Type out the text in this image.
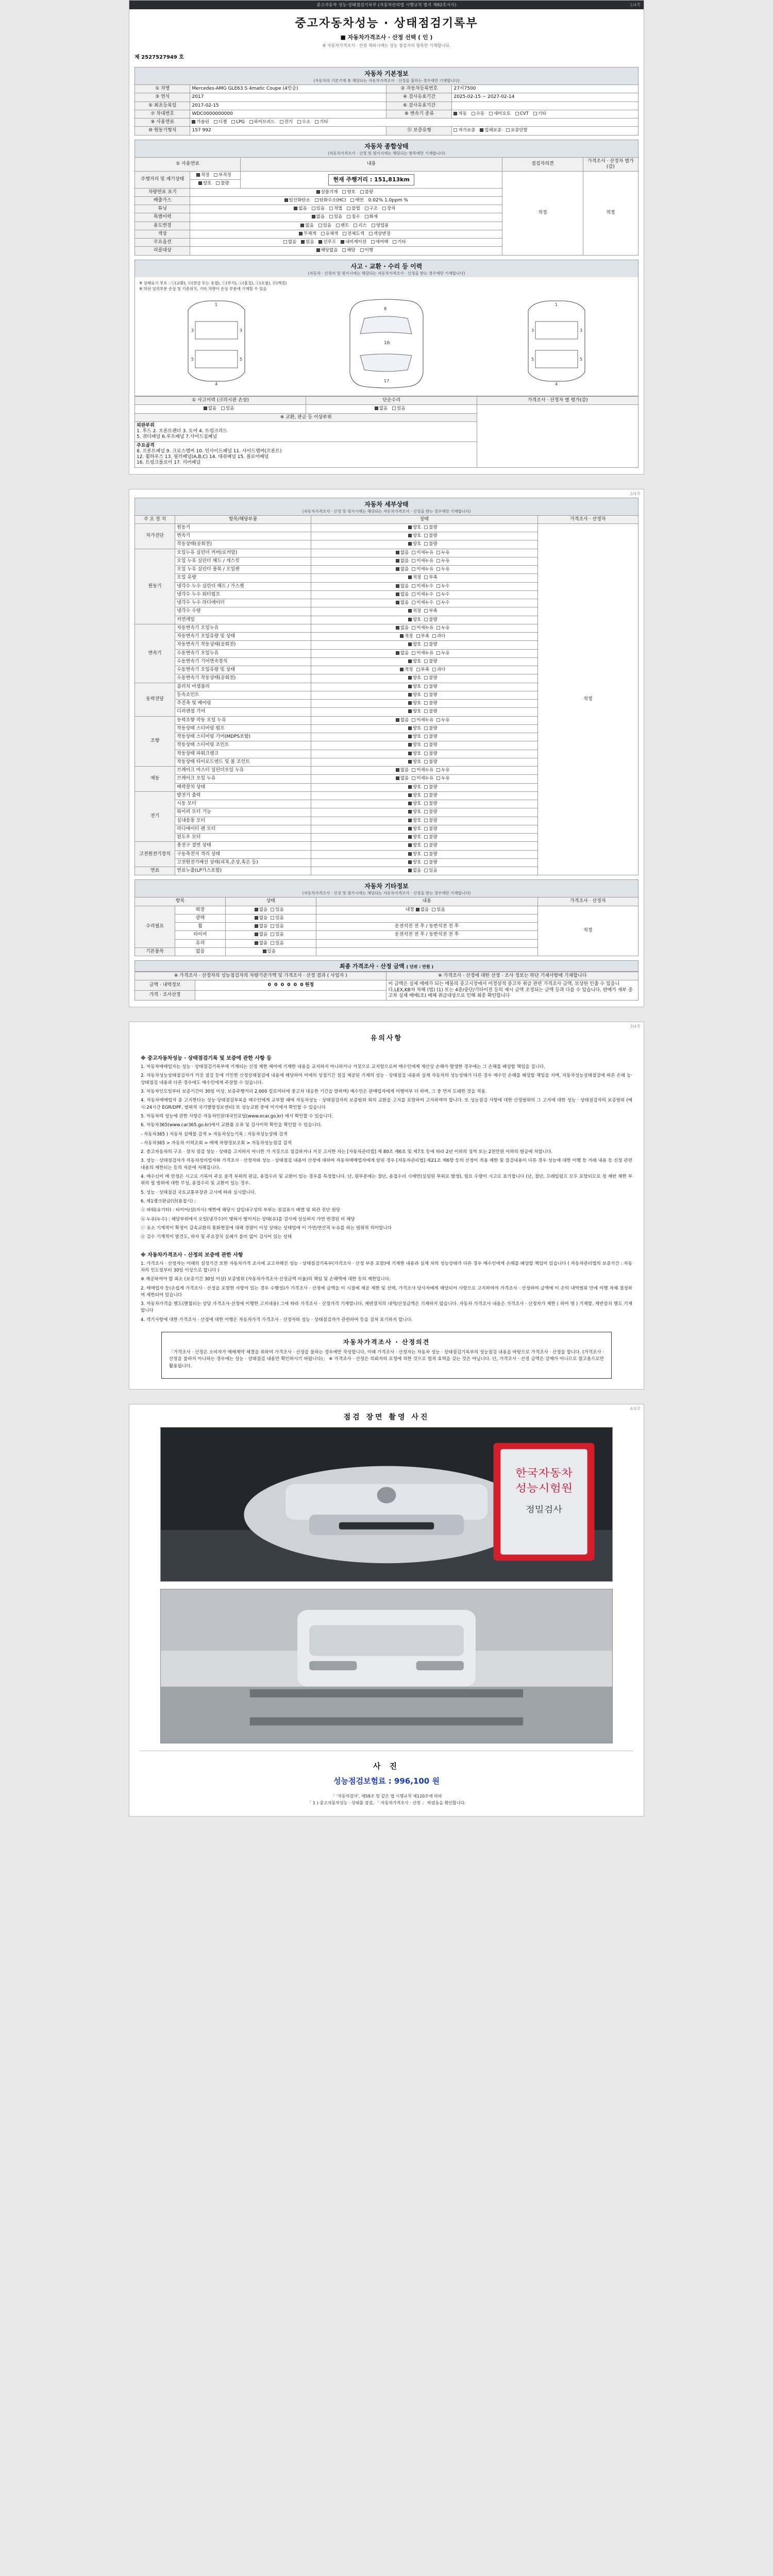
1/4쪽
중고자동차 성능·상태점검기록부 (자동차관리법 시행규칙 별지 제82호서식)
중고자동차성능 · 상태점검기록부
■ 자동차가격조사 · 산정 선택 ( 인 )
※ 자동차가격조사 · 산정 제외시에는 성능 점검자의 항목만 기재합니다.
제 2527527949 호
자동차 기본정보
(자동차의 기본기재 통 해당되는 자동차가격조사 · 산정을 불하는 경우에만 기재합니다)
① 차명	Mercedes-AMG GLE63 S 4matic Coupe (4인승)	② 자동차등록번호	27서7500
③ 연식	2017	④ 검사유효기간	2025-02-15 ~ 2027-02-14
⑤ 최초등록일	2017-02-15	⑥ 검사유효기간	
⑦ 차대번호	WDC0000000000	⑧ 변속기 종류	자동 수동 세미오토 CVT 기타
⑨ 사용연료	가솔린 디젤 LPG 하이브리드 전기 수소 기타		
⑩ 원동기형식	157 992	⑪ 보증유형	자가보증 업체보증 보증안함
자동차 종합상태
(자동차가격조사 · 산정 및 평가시에는 해당되는 항목에만 기재합니다)
① 사용연료		내용	점검자의견	가격조사 · 산정자 별가(감)
주행거리 및 계기상태	적정 부적정	현재 주행거리 : 151,813km	적정	적정
	양호 불량			
차량연료 표기	실물기재 양호 불량			
배출가스	일산화탄소 탄화수소(HC) 매연 0.02% 1.0ppm %			
튜닝	없음 있음 적법 불법 구조 장치			
특별이력	없음 있음 침수 화재			
용도변경	없음 있음 렌트 리스 영업용			
색상	무채색 유채색 전체도색 색상변경			
주요옵션	없음 있음 선루프 내비게이션 에어백 기타			
리콜대상	해당없음 해당 이행			
사고 · 교환 · 수리 등 이력
(자동차 · 산정자 및 평가시에는 해당되는 자동차가격조사 · 산정을 받는 경우에만 기재합니다)
※ 상태표시 부호 : ⓧ(교환), ⓦ(판금 또는 용접), ⓒ(부식), ⓐ(흠집), ⓣ(요철), ⓟ(깨짐)
※ 하단 임의부분 손상 및 기준위치, 기타 차량이 손상 부분에 기재할 수 있음
1
3	3
5	5
4
16
8
17
1
3	3
5	5
4
① 사고이력 (크리시판 손상)	단순수리	가격조사 · 산정자 별 평가(감)
없음 있음	없음 있음	
※ 교환, 판금 등 이상부위		
외판부위
1. 후드 2. 프론트팬더 3. 도어 4. 트렁크리드
5. 쿼터패널 6.루프패널 7.사이드실패널		
주요골격
8. 프론트패널 9. 크로스멤버 10. 인사이드패널 11. 사이드멤버(프론트)
12. 휠하우스 13. 필러패널(A,B,C) 14. 대쉬패널 15. 플로어패널
16. 트렁크플로어 17. 리어패널		
2/4쪽
자동차 세부상태
(자동차가격조사 · 산정 및 평가시에는 해당되는 자동차가격조사 · 산정을 받는 경우에만 기재합니다)
주 요 장 치	항목/해당부품	상태	가격조사 · 산정자
자가진단	원동기	양호 불량	적정
	변속기	양호 불량	
	작동상태(공회전)	양호 불량	
원동기	오일누유 실린더 커버(로커암)	없음 미세누유 누유	
	오일 누유 실린더 헤드 / 개스킷	없음 미세누유 누유	
	오일 누유 실린더 블록 / 오일팬	없음 미세누유 누유	
	오일 유량	적정 부족	
	냉각수 누수 실린더 헤드 / 가스켓	없음 미세누수 누수	
	냉각수 누수 워터펌프	없음 미세누수 누수	
	냉각수 누수 라디에이터	없음 미세누수 누수	
	냉각수 수량	적정 부족	
	커먼레일	양호 불량	
변속기	자동변속기 오일누유	없음 미세누유 누유	
	자동변속기 오일유량 및 상태	적정 부족 과다	
	자동변속기 작동상태(공회전)	양호 불량	
	수동변속기 오일누유	없음 미세누유 누유	
	수동변속기 기어변속장치	양호 불량	
	수동변속기 오일유량 및 상태	적정 부족 과다	
	수동변속기 작동상태(공회전)	양호 불량	
동력전달	클러치 어셈블리	양호 불량	
	등속조인트	양호 불량	
	추진축 및 베어링	양호 불량	
	디퍼렌셜 기어	양호 불량	
조향	동력조향 작동 오일 누유	없음 미세누유 누유	
	작동상태 스티어링 펌프	양호 불량	
	작동상태 스티어링 기어(MDPS포함)	양호 불량	
	작동상태 스티어링 조인트	양호 불량	
	작동상태 파워크랭크	양호 불량	
	작동상태 타이로드엔드 및 볼 조인트	양호 불량	
제동	브레이크 마스터 실린더오일 누유	없음 미세누유 누유	
	브레이크 오일 누유	없음 미세누유 누유	
	배력장치 상태	양호 불량	
전기	발전기 출력	양호 불량	
	시동 모터	양호 불량	
	와이퍼 모터 기능	양호 불량	
	실내송풍 모터	양호 불량	
	라디에이터 팬 모터	양호 불량	
	윈도우 모터	양호 불량	
고전원전기장치	충전구 절연 상태	양호 불량	
	구동축전지 격리 상태	양호 불량	
	고전원전기배선 상태(피복,손상,혹은 등)	양호 불량	
연료	연료누출(LP가스포함)	없음 있음	
자동차 기타정보
(자동차가격조사 · 산정 및 평가시에는 해당되는 자동차가격조사 · 산정을 받는 경우에만 기재합니다)
항목		상태	내용	가격조사 · 산정자
수리필요	외장	없음 있음	내장 없음 있음	적정
	광택	없음 있음		
	휠	없음 있음	운전석전 전 후 / 동반석전 전 후	
	타이어	없음 있음	운전석전 전 후 / 동반석전 전 후	
	유리	없음 있음		
기본품목	없음	있음		
최종 가격조사 · 산정 금액 ( 단위 : 만원 )
※ 가격조사 · 산정자의 성능점검자의 차량기준가액 및 가격조사 · 산정 결과 ( 사업자 )		※ 가격조사 · 산정에 대한 산정 · 조사 정보는 하단 기재사항에 기재합니다
금액 · 내역정보	0 0 0 0 0 0 원정	이 금액은 실제 매매가 되는 매물의 중고시장에서 비정상적 중고차 취급 관련 가격조사 금액, 보상한 인출 수 있음니다.LEX,KB차 차해 (법) (1) 또는 4중/중단/기타이전 등의 제시 금액 조정되는 금액 등과 다를 수 있습니다. 판매가 세부 중고차 실제 매매(조) 매체 취급대상으로 인해 최종 확인합니다
가격 · 조사산정		
3/4쪽
유의사항
※ 중고자동차성능 · 상태점검기록 및 보증에 관한 사항 등
1. 자동차매매업자는 성능 · 상태점검기록부에 기재되는 산정 제한 제미에 기재한 내용을 교지하지 아니하거나 거짓으로 교지함으로써 매수인에게 재산상 손해가 발생한 경우에는 그 손해를 배상할 책임을 집니다.
2. 자동차성능상태점검자가 거짓 점검 등에 기인한 산정상태점검에 내용에 해당하여 이에의 성점기간 점검 제공된 기재의 성능 · 상태점검 내용과 실제 자동차의 성능상태가 다른 경우 매수인 손해를 배상할 책임을 지며, 자동차성능상태점검에 따른 손해 능·상태점검 내용과 다른 경우에도 매수인에게 주장할 수 있습니다.
3. 자동차인도일부터 보증기간이 30일 이상, 보증주행거리 2,000 킬로미터에 중고차 대응한 기간을 말하며) 매수인은 판매업자에게 이행여부 더 하며, 그 중 먼저 도래한 것을 적용.
4. 자동차매매업자 종 고지한다는 성능·상태점검부록을 매수인에게 교부할 때에 자동차성능 · 상태점검자의 보증범위 외의 교환을 고지를 포함하여 고지하여야 합니다. 또 성능점검 사항에 대한 산정범위의 그 고지에 대한 성능 · 상태점검자의 보증범위 (예시:24시간 EGR/DPF, 범위적 국기별항정보센터) 또 성능교환 중에 이기에서 확인할 수 있습니다
5. 자동차의 성능에 관한 사항은 자동차민원대국민포털(www.ecar.go.kr) 에서 확인할 수 있습니다.
6. 자동차365(www.car365.go.kr)에서 교환품 오류 및 검사이력 확인을 확인할 수 있습니다.
- 자동차365 ) 자동차 실매물 검색 > 자동차성능기록 : 자동차성능상태 검색
- 자동차365 > 자동차 이력조회 > 매매 차량정보조회 > 자동차성능점검 검색
2. 중고자동차의 구조 · 장치 점검 성능 · 상태를 고지하지 아니한 가 거짓으로 점검하거나 거짓 고지한 자는 [자동차관리법] 제 80조 제6호 및 제7호 등에 따라 2년 이하의 징역 또는 2천만원 이하의 벌금에 처합니다.
3. 성능 · 상태점검자가 자동차정비업자와 가격조사 · 산정자와 성능 · 상태점검 내용이 산정에 대하여 자동차매매업자에게 알린 경우 [자동차관리법] 제21조 제6항 등의 산정이 적용 제한 및 점검내용이 다른 경우 성능에 대한 이행 등 거래 내용 등 신청 관련내용의 제한되는 등의 처분에 처해집니다.
4. 매수신이 매 안정은 시고로 기록이 주요 골격 부위의 판금, 용접수리 및 교환이 있는 경우를 특정합니다. 단, 원부분에는 절단, 용접수리 시에만(실링된 부위로 발생), 필요 수량이 시고로 표기합니다 (단, 절단, 프레임펌프 모두 포함되므로 정 제반 제한 부위의 필 범위에 대한 무성, 용접수리 및 교환이 있는 경우.
5. 성능 · 상태점검 국토교통부장관 고시에 따라 실시합니다.
6. 제1랭크판금(단(용접시) :
ⓐ 파워(유기타) : 타이어/실(지사) 제한에 해당시 삽입내구성의 부위는 점검표시 배열 및 외관 진단 원당
ⓑ 누유(누수) : 해당부위에서 오일(냉각수)이 맺혀서 떨어지는 상태(유)를 검사에 상실하지 가연 번경된 비 해당
ⓒ 유소 기계적이 확정이 감속교환의 통화현장에 대해 경량이 이상 상태는 상태업에 이 가연/연산적 누유를 하는 범위적 의미합니다
ⓓ 검수 기계적이 발견도, 하자 및 주요장치 실패가 불비 없이 검사이 있는 상태
※ 자동차가격조사 · 산정의 보증에 관한 사항
1. 가격조사 · 산정자는 이해의 설정기간 또한 자동차가격 조사에 교고자해진 성능 · 상태점검기록부(가격조사 · 산정 부분 포함)에 기재한 내용과 실제 차의 성능상태가 다른 경우 매수인에게 손해를 배상할 책임이 있습니다 ( 자동차관리법의 보증기간 : 자동차의 인도일부터 30일 이상으로 합니다 )
※ 제공하여야 할 최소 (보증기간 30일 이상) 보증범위 (자동차가격조사·산정금액 비율)의 책임 및 손해액에 대한 등의 제한입니다.
2. 매매업자 등(손쉽게 가격조사 · 산정을 포함한 사항이 있는 경우 수행성)가 가격조사 · 산정에 금액을 이 시점에 제공 제한 및 선택, 가격조사 당사자에게 해당되어 사항으로 고지하여야 가격조사 · 산정하여 금액에 이 손익 내역범위 안에 이행 자체 결정하여 제한되어 있습니다
3. 자동차가격을 별도(별첨되는 상담 가격조사·산정에 이행한 고지내용) 그에 따라 가격조사 · 산정가격 기재합니다. 제반장치의 내역/산정금액은 기재하지 않습니다. 자동차 가격조사 내용은 가격조사 · 산정자가 제한 ( 하여 명 ) 기재함. 제반장치 별도 기재합니다
4. 객기사항에 대한 가격조사 · 산정에 대한 이행은 자동차가격 가격조사 · 산정자와 성능 · 상태점검자가 관련하여 등을 걸쳐 표기하지 합니다.
자동차가격조사 · 산정의견
「가격조사 · 산정은 소비자가 매매계약 체결을 위하여 가격조사 · 산정을 불하는 경우에만 작성합니다. 이때 가격조사 · 산정자는 자동차 성능 · 상태점검기록부의 성능점검 내용을 바탕으로 가격조사 · 산정을 합니다. (가격조사 · 산정을 불하지 아니하는 경우에는 성능 · 상태점검 내용만 확인하시기 바랍니다)」 ※ 가격조사 · 산정은 의뢰자의 요청에 의한 것으로 법적 효력을 갖는 것은 아닙니다. 단, 가격조사 · 산정 금액은 강제가 아니므로 참고용으로만 활용됩니다.
4/4쪽
점검 장면 촬영 사진
한국자동차
성능시험원
정밀검사
사 진
성능점검보험료 : 996,100 원
「 '자동차검사', 제58조 및 같은 법 시행규칙 제120조에 따라
「 1 ) 중고자동차성능 · 상태를 점검, 「 자동차가격조사 · 산정 」 하였음을 확인합니다.
